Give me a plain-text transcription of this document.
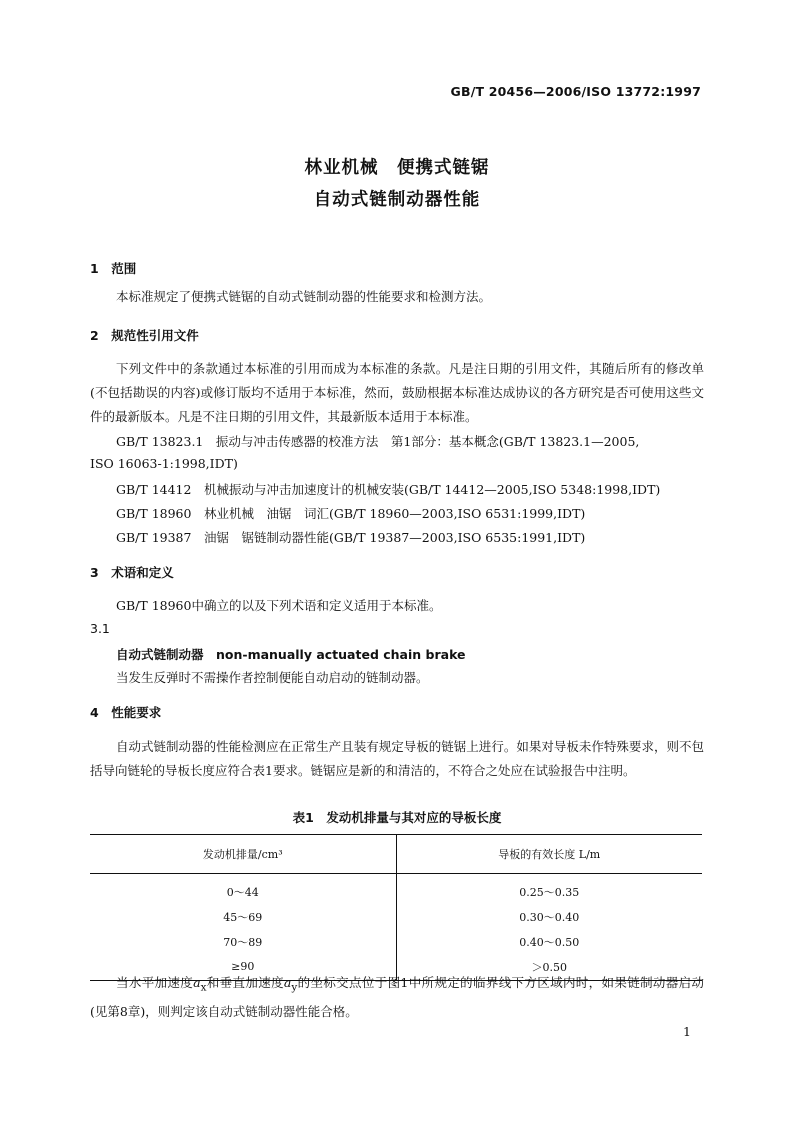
GB/T 20456—2006/ISO 13772:1997
林业机械　便携式链锯
自动式链制动器性能
1　范围

本标准规定了便携式链锯的自动式链制动器的性能要求和检测方法。

2　规范性引用文件

下列文件中的条款通过本标准的引用而成为本标准的条款。凡是注日期的引用文件，其随后所有的修改单(不包括勘误的内容)或修订版均不适用于本标准，然而，鼓励根据本标准达成协议的各方研究是否可使用这些文件的最新版本。凡是不注日期的引用文件，其最新版本适用于本标准。

GB/T 13823.1　振动与冲击传感器的校准方法　第1部分：基本概念(GB/T 13823.1—2005,
ISO 16063-1:1998,IDT)
GB/T 14412　机械振动与冲击加速度计的机械安装(GB/T 14412—2005,ISO 5348:1998,IDT)
GB/T 18960　林业机械　油锯　词汇(GB/T 18960—2003,ISO 6531:1999,IDT)
GB/T 19387　油锯　锯链制动器性能(GB/T 19387—2003,ISO 6535:1991,IDT)
3　术语和定义
GB/T 18960中确立的以及下列术语和定义适用于本标准。
3.1
自动式链制动器　non-manually actuated chain brake
当发生反弹时不需操作者控制便能自动启动的链制动器。
4　性能要求

自动式链制动器的性能检测应在正常生产且装有规定导板的链锯上进行。如果对导板未作特殊要求，则不包括导向链轮的导板长度应符合表1要求。链锯应是新的和清洁的，不符合之处应在试验报告中注明。

表1　发动机排量与其对应的导板长度
发动机排量/cm³	导板的有效长度 L/m
0～44	0.25～0.35
45～69	0.30～0.40
70～89	0.40～0.50
≥90	＞0.50

当水平加速度$a_x$和垂直加速度$a_y$的坐标交点位于图1中所规定的临界线下方区域内时，如果链制动器启动(见第8章)，则判定该自动式链制动器性能合格。

1
